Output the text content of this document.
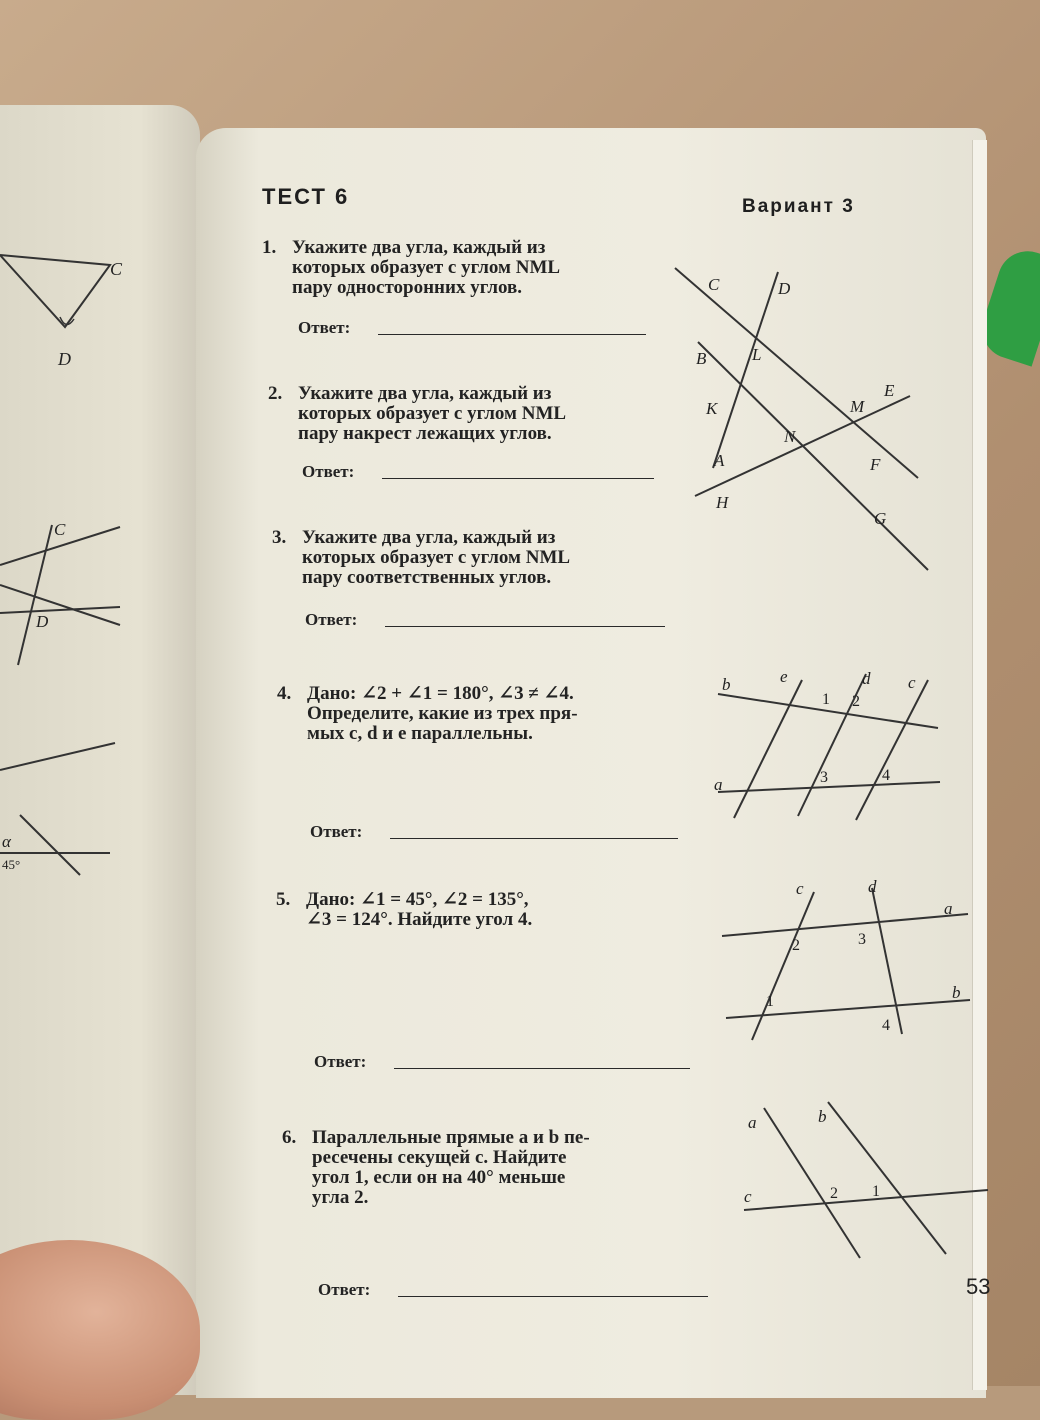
D
C
C
D
α
45°
ТЕСТ 6	Вариант 3
1. Укажите два угла, каждый из
которых образует с углом NML
пару односторонних углов.
Ответ:
2. Укажите два угла, каждый из
которых образует с углом NML
пару накрест лежащих углов.
Ответ:
3. Укажите два угла, каждый из
которых образует с углом NML
пару соответственных углов.
Ответ:
4. Дано: ∠2 + ∠1 = 180°, ∠3 ≠ ∠4.
Определите, какие из трех пря-
мых c, d и e параллельны.
Ответ:
5. Дано: ∠1 = 45°, ∠2 = 135°,
∠3 = 124°. Найдите угол 4.
Ответ:
6. Параллельные прямые a и b пе-
ресечены секущей c. Найдите
угол 1, если он на 40° меньше
угла 2.
Ответ:
C	D
B	L
K	M
E
N
A	F
H
G
b	e	d c
1 2
a	3	4
c	d
a
2	3
1	b
4
a	b
c	2 1
53
